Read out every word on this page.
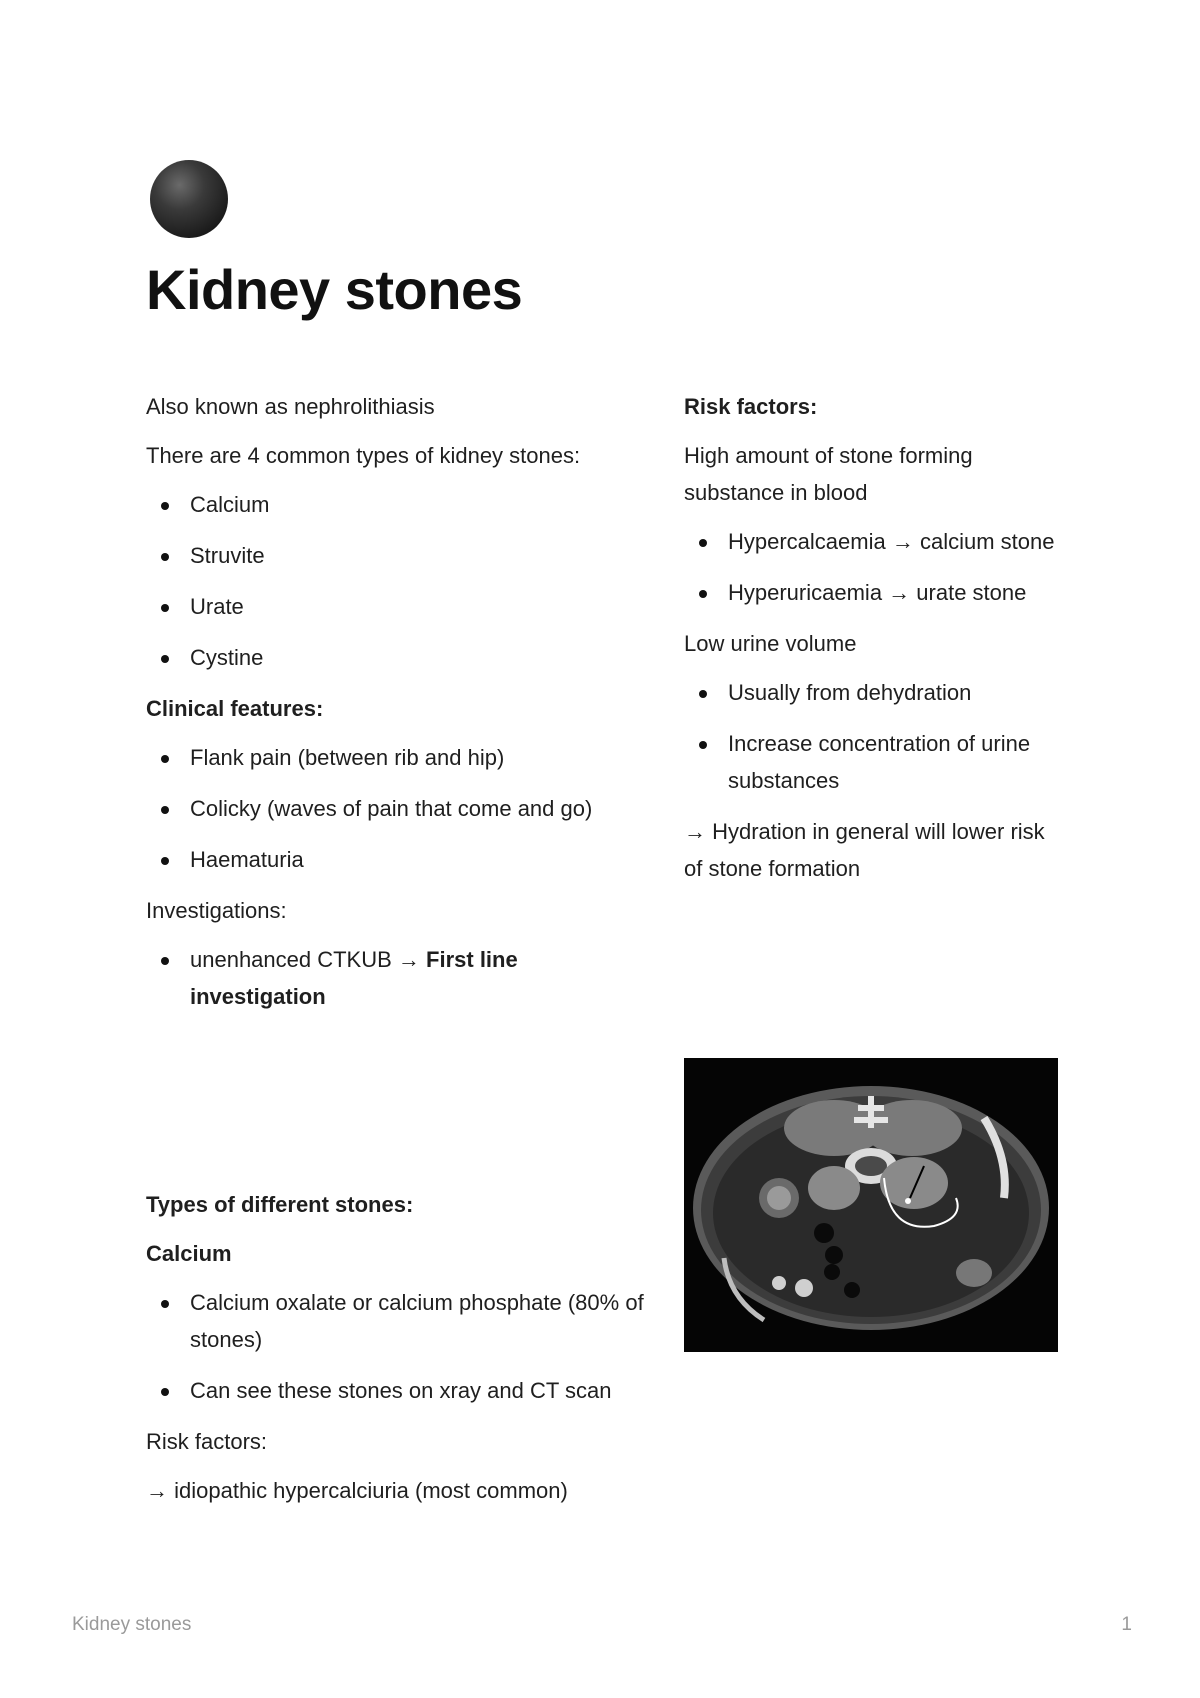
Kidney stones

Also known as nephrolithiasis

There are 4 common types of kidney stones:

Calcium
Struvite
Urate
Cystine

Clinical features:

Flank pain (between rib and hip)
Colicky (waves of pain that come and go)
Haematuria

Investigations:

unenhanced CTKUB → First line investigation

Types of different stones:

Calcium

Calcium oxalate or calcium phosphate (80% of stones)
Can see these stones on xray and CT scan

Risk factors:

→ idiopathic hypercalciuria (most common)

Risk factors:

High amount of stone forming substance in blood

Hypercalcaemia → calcium stone
Hyperuricaemia → urate stone

Low urine volume

Usually from dehydration
Increase concentration of urine substances

→ Hydration in general will lower risk of stone formation

Kidney stones	1
